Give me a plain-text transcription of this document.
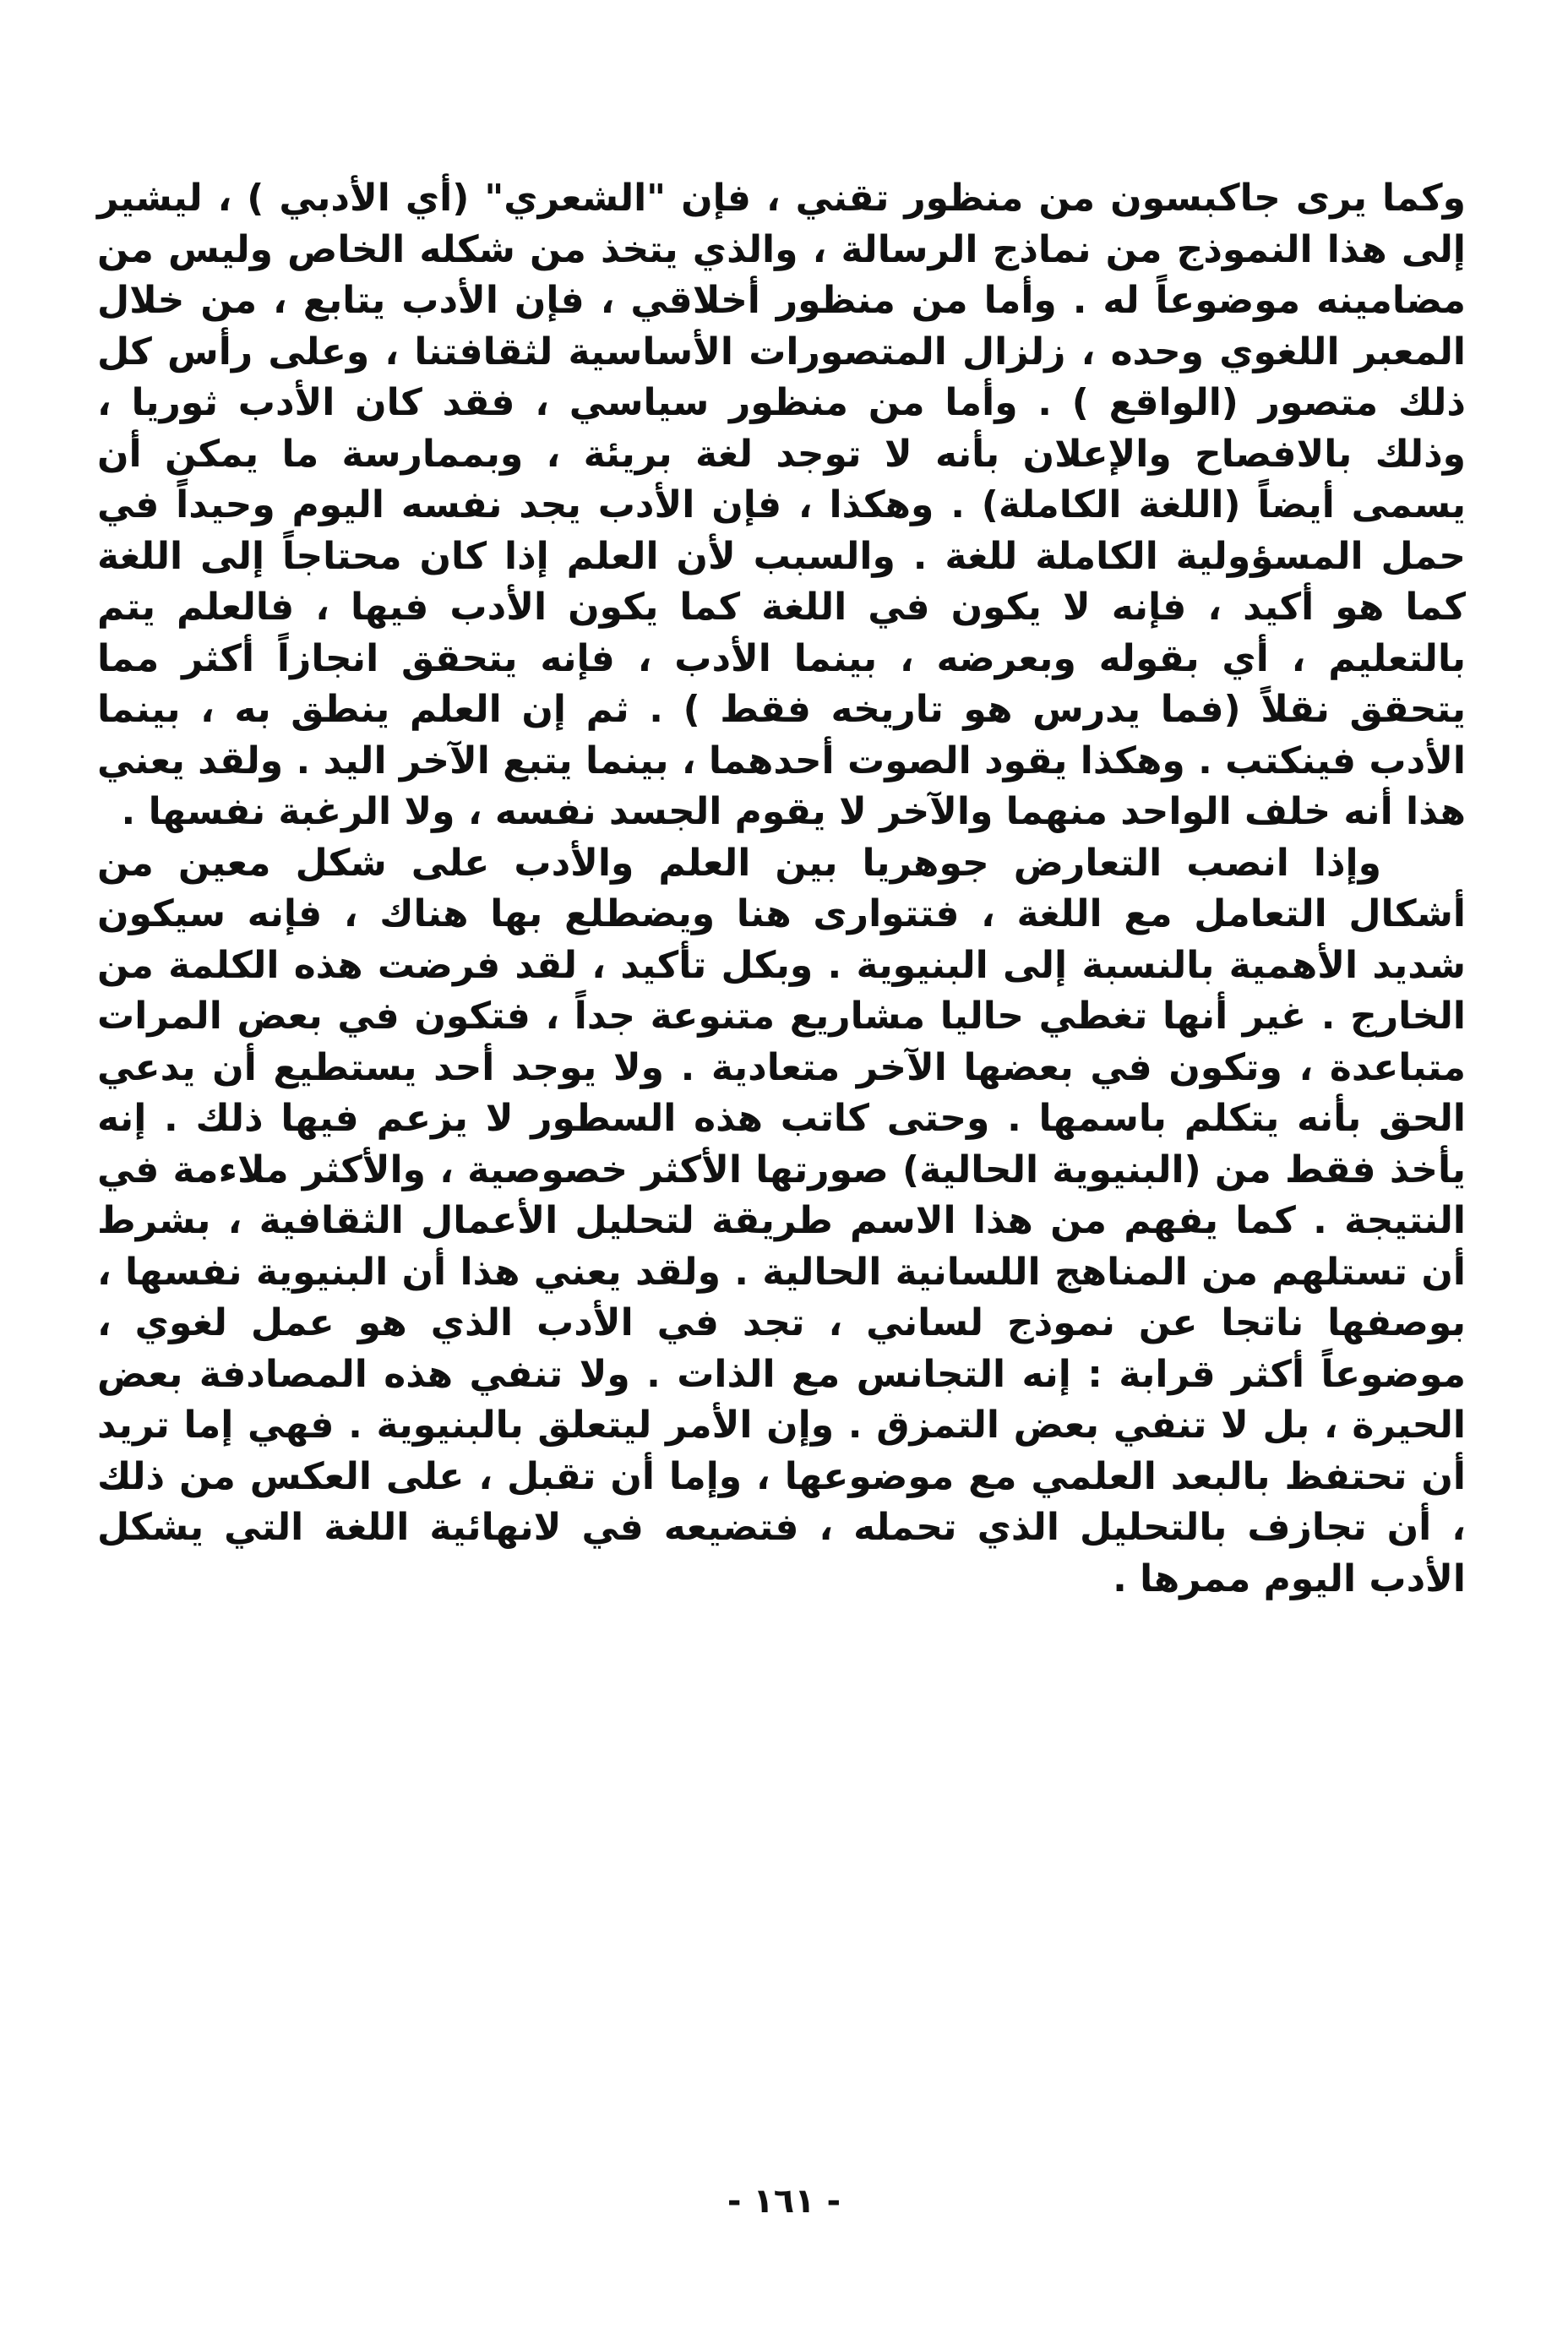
وكما يرى جاكبسون من منظور تقني ، فإن "الشعري" (أي الأدبي ) ، ليشير إلى هذا النموذج من نماذج الرسالة ، والذي يتخذ من شكله الخاص وليس من مضامينه موضوعاً له . وأما من منظور أخلاقي ، فإن الأدب يتابع ، من خلال المعبر اللغوي وحده ، زلزال المتصورات الأساسية لثقافتنا ، وعلى رأس كل ذلك متصور (الواقع ) . وأما من منظور سياسي ، فقد كان الأدب ثوريا ، وذلك بالافصاح والإعلان بأنه لا توجد لغة بريئة ، وبممارسة ما يمكن أن يسمى أيضاً (اللغة الكاملة) . وهكذا ، فإن الأدب يجد نفسه اليوم وحيداً في حمل المسؤولية الكاملة للغة . والسبب لأن العلم إذا كان محتاجاً إلى اللغة كما هو أكيد ، فإنه لا يكون في اللغة كما يكون الأدب فيها ، فالعلم يتم بالتعليم ، أي بقوله وبعرضه ، بينما الأدب ، فإنه يتحقق انجازاً أكثر مما يتحقق نقلاً (فما يدرس هو تاريخه فقط ) . ثم إن العلم ينطق به ، بينما الأدب فينكتب . وهكذا يقود الصوت أحدهما ، بينما يتبع الآخر اليد . ولقد يعني هذا أنه خلف الواحد منهما والآخر لا يقوم الجسد نفسه ، ولا الرغبة نفسها .

وإذا انصب التعارض جوهريا بين العلم والأدب على شكل معين من أشكال التعامل مع اللغة ، فتتوارى هنا ويضطلع بها هناك ، فإنه سيكون شديد الأهمية بالنسبة إلى البنيوية . وبكل تأكيد ، لقد فرضت هذه الكلمة من الخارج . غير أنها تغطي حاليا مشاريع متنوعة جداً ، فتكون في بعض المرات متباعدة ، وتكون في بعضها الآخر متعادية . ولا يوجد أحد يستطيع أن يدعي الحق بأنه يتكلم باسمها . وحتى كاتب هذه السطور لا يزعم فيها ذلك . إنه يأخذ فقط من (البنيوية الحالية) صورتها الأكثر خصوصية ، والأكثر ملاءمة في النتيجة . كما يفهم من هذا الاسم طريقة لتحليل الأعمال الثقافية ، بشرط أن تستلهم من المناهج اللسانية الحالية . ولقد يعني هذا أن البنيوية نفسها ، بوصفها ناتجا عن نموذج لساني ، تجد في الأدب الذي هو عمل لغوي ، موضوعاً أكثر قرابة : إنه التجانس مع الذات . ولا تنفي هذه المصادفة بعض الحيرة ، بل لا تنفي بعض التمزق . وإن الأمر ليتعلق بالبنيوية . فهي إما تريد أن تحتفظ بالبعد العلمي مع موضوعها ، وإما أن تقبل ، على العكس من ذلك ، أن تجازف بالتحليل الذي تحمله ، فتضيعه في لانهائية اللغة التي يشكل الأدب اليوم ممرها .

- ١٦١ -
